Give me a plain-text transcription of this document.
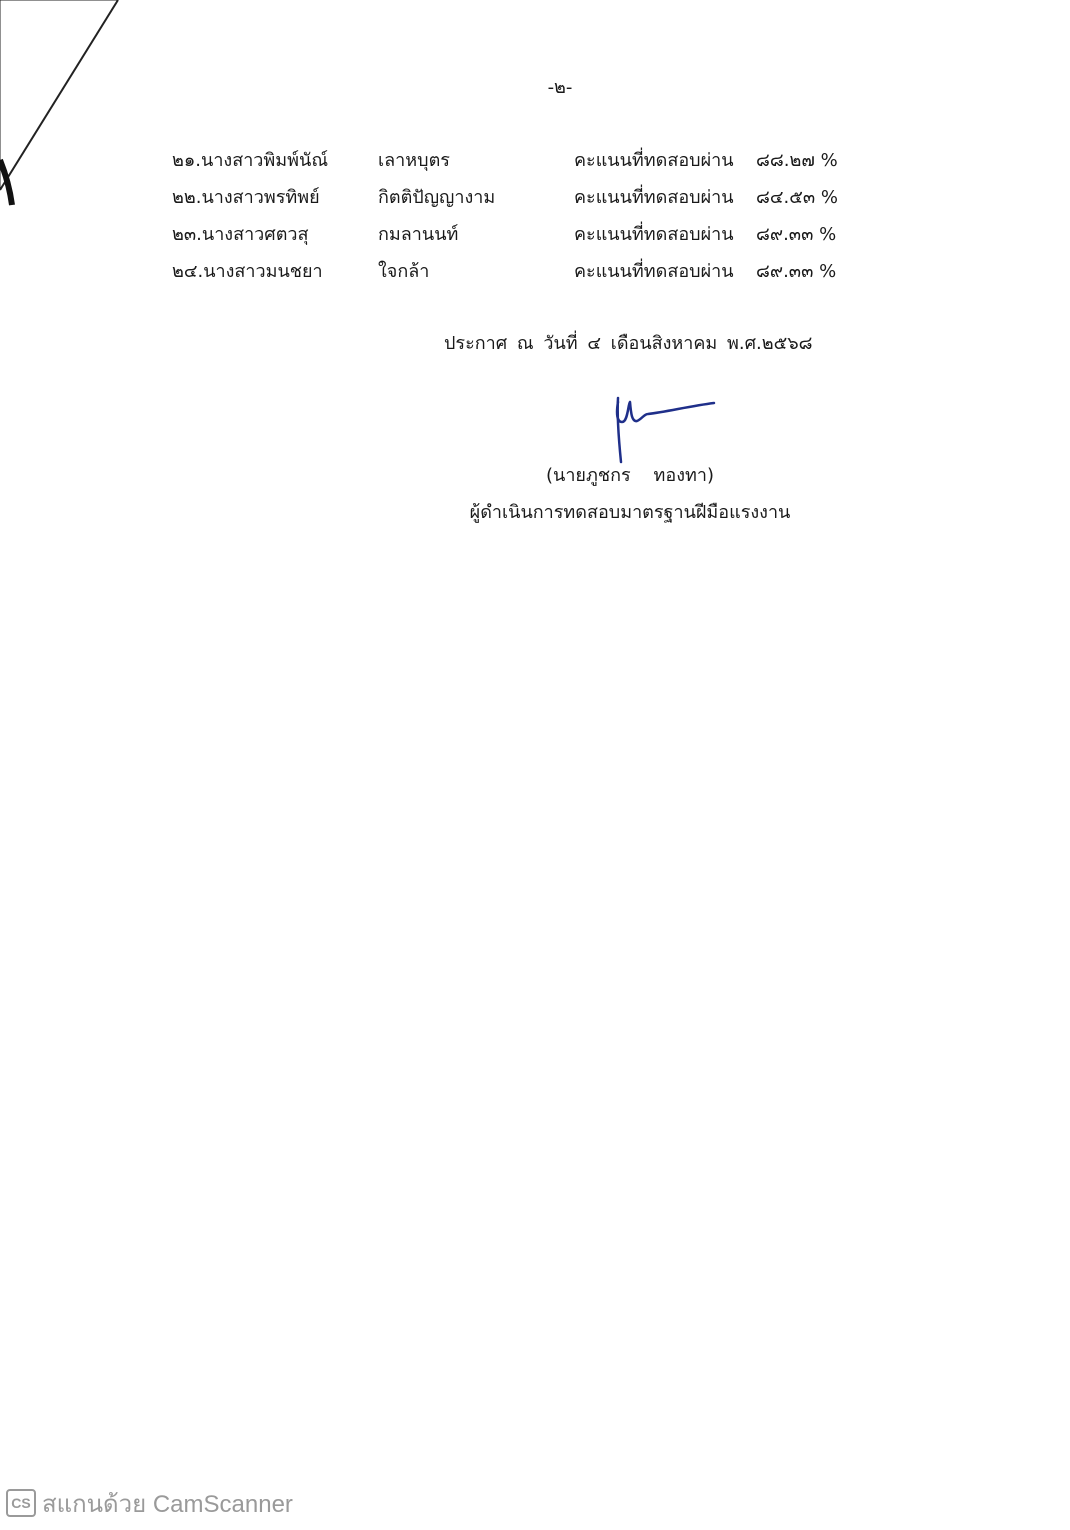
-๒-
๒๑.นางสาวพิมพ์นัณ์	เลาหบุตร	คะแนนที่ทดสอบผ่าน ๘๘.๒๗ %
๒๒.นางสาวพรทิพย์	กิตติปัญญางาม	คะแนนที่ทดสอบผ่าน ๘๔.๕๓ %
๒๓.นางสาวศตวสุ	กมลานนท์	คะแนนที่ทดสอบผ่าน ๘๙.๓๓ %
๒๔.นางสาวมนชยา	ใจกล้า	คะแนนที่ทดสอบผ่าน ๘๙.๓๓ %
ประกาศ ณ วันที่ ๔ เดือนสิงหาคม พ.ศ.๒๕๖๘
(นายภูชกร    ทองทา)
ผู้ดำเนินการทดสอบมาตรฐานฝีมือแรงงาน
CS สแกนด้วย CamScanner
